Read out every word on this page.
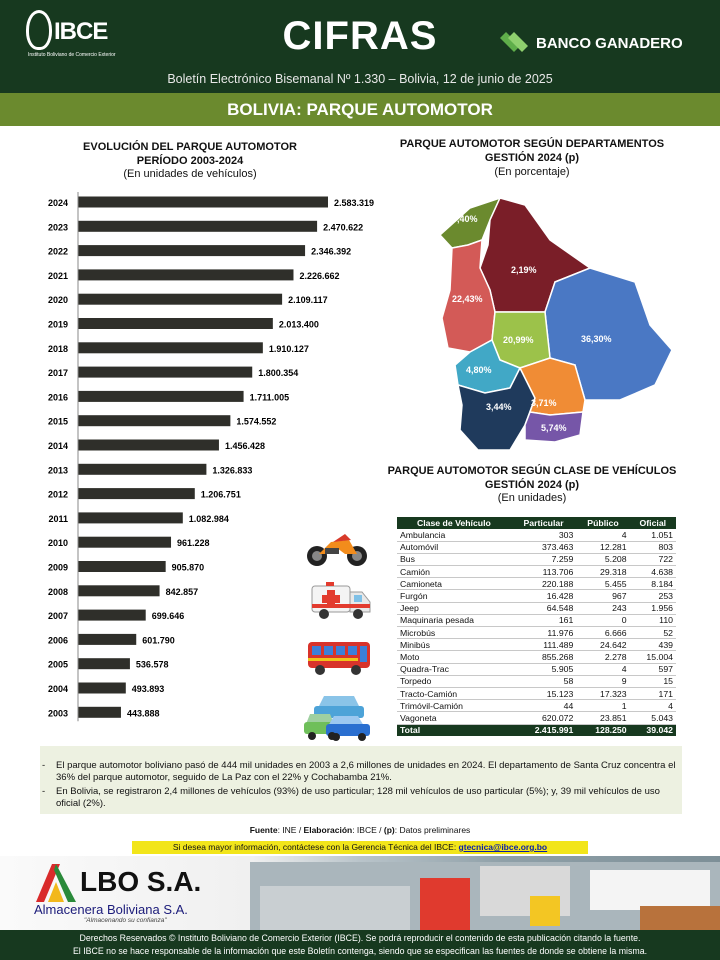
IBCE
Instituto Boliviano de Comercio Exterior	CIFRAS	BANCO GANADERO
Boletín Electrónico Bisemanal Nº 1.330 – Bolivia, 12 de junio de 2025
BOLIVIA: PARQUE AUTOMOTOR
EVOLUCIÓN DEL PARQUE AUTOMOTOR
PERÍODO 2003-2024
(En unidades de vehículos)
2024	2.583.319
2023	2.470.622
2022	2.346.392
2021	2.226.662
2020	2.109.117
2019	2.013.400
2018	1.910.127
2017	1.800.354
2016	1.711.005
2015	1.574.552
2014	1.456.428
2013	1.326.833
2012	1.206.751
2011	1.082.984
2010	961.228
2009	905.870
2008	842.857
2007	699.646
2006	601.790
2005	536.578
2004	493.893
2003	443.888
PARQUE AUTOMOTOR SEGÚN DEPARTAMENTOS
GESTIÓN 2024 (p)
(En porcentaje)
0,40%
2,19%
22,43%
36,30%
20,99%
4,80%
3,44% 3,71%
5,74%
PARQUE AUTOMOTOR SEGÚN CLASE DE VEHÍCULOS
GESTIÓN 2024 (p)
(En unidades)
Clase de Vehículo	Particular	Público	Oficial
Ambulancia	303	4	1.051
Automóvil	373.463	12.281	803
Bus	7.259	5.208	722
Camión	113.706	29.318	4.638
Camioneta	220.188	5.455	8.184
Furgón	16.428	967	253
Jeep	64.548	243	1.956
Maquinaria pesada	161	0	110
Microbús	11.976	6.666	52
Minibús	111.489	24.642	439
Moto	855.268	2.278	15.004
Quadra-Trac	5.905	4	597
Torpedo	58	9	15
Tracto-Camión	15.123	17.323	171
Trimóvil-Camión	44	1	4
Vagoneta	620.072	23.851	5.043
Total	2.415.991	128.250	39.042
- El parque automotor boliviano pasó de 444 mil unidades en 2003 a 2,6 millones de unidades en 2024. El departamento de Santa Cruz concentra el 36% del parque automotor, seguido de La Paz con el 22% y Cochabamba 21%.
- En Bolivia, se registraron 2,4 millones de vehículos (93%) de uso particular; 128 mil vehículos de uso particular (5%); y, 39 mil vehículos de uso oficial (2%).
Fuente: INE / Elaboración: IBCE / (p): Datos preliminares
Si desea mayor información, contáctese con la Gerencia Técnica del IBCE: gtecnica@ibce.org.bo
LBO S.A.
Almacenera Boliviana S.A.
"Almacenando su confianza"
Derechos Reservados © Instituto Boliviano de Comercio Exterior (IBCE). Se podrá reproducir el contenido de esta publicación citando la fuente.
El IBCE no se hace responsable de la información que este Boletín contenga, siendo que se especifican las fuentes de donde se obtiene la misma.
